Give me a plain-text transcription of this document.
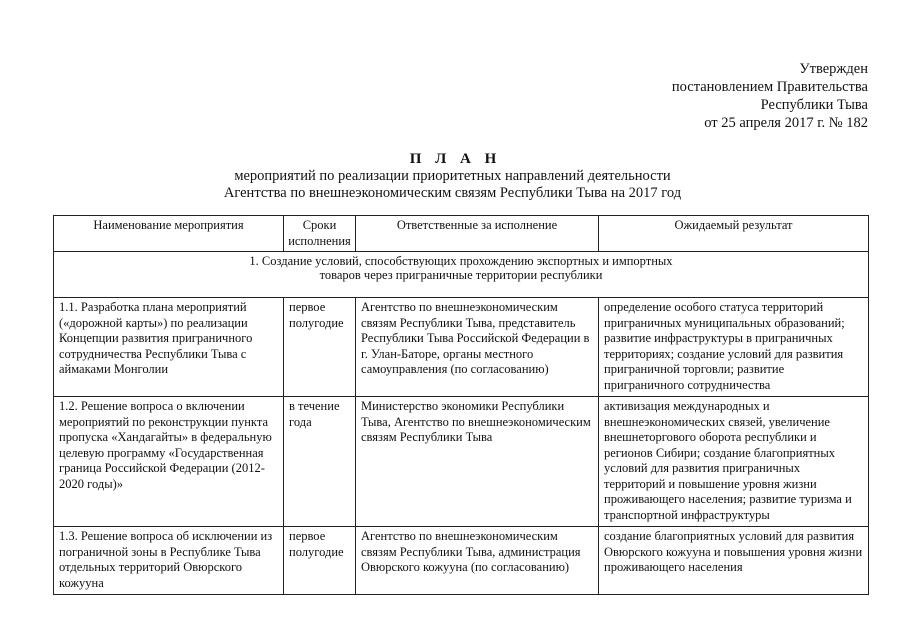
Утвержден
постановлением Правительства
Республики Тыва
от 25 апреля 2017 г. № 182
П Л А Н
мероприятий по реализации приоритетных направлений деятельности
Агентства по внешнеэкономическим связям Республики Тыва на 2017 год
Наименование мероприятия	Сроки исполнения	Ответственные за исполнение	Ожидаемый результат

1. Создание условий, способствующих прохождению экспортных и импортных
товаров через приграничные территории республики			

1.1. Разработка плана мероприятий («дорожной карты») по реализации Концепции развития приграничного сотрудничества Республики Тыва с аймаками Монголии	первое полугодие	Агентство по внешнеэкономическим связям Республики Тыва, представитель Республики Тыва Российской Федерации в г. Улан-Баторе, органы местного самоуправления (по согласованию)	определение особого статуса территорий приграничных муниципальных образований; развитие инфраструктуры в приграничных территориях; создание условий для развития приграничной торговли; развитие приграничного сотрудничества
1.2. Решение вопроса о включении мероприятий по реконструкции пункта пропуска «Хандагайты» в федеральную целевую программу «Государственная граница Российской Федерации (2012-2020 годы)»	в течение года	Министерство экономики Республики Тыва, Агентство по внешнеэкономическим связям Республики Тыва	активизация международных и внешнеэкономических связей, увеличение внешнеторгового оборота республики и регионов Сибири; создание благоприятных условий для развития приграничных территорий и повышение уровня жизни проживающего населения; развитие туризма и транспортной инфраструктуры
1.3. Решение вопроса об исключении из пограничной зоны в Республике Тыва отдельных территорий Овюрского кожууна	первое полугодие	Агентство по внешнеэкономическим связям Республики Тыва, администрация Овюрского кожууна (по согласованию)	создание благоприятных условий для развития Овюрского кожууна и повышения уровня жизни проживающего населения
